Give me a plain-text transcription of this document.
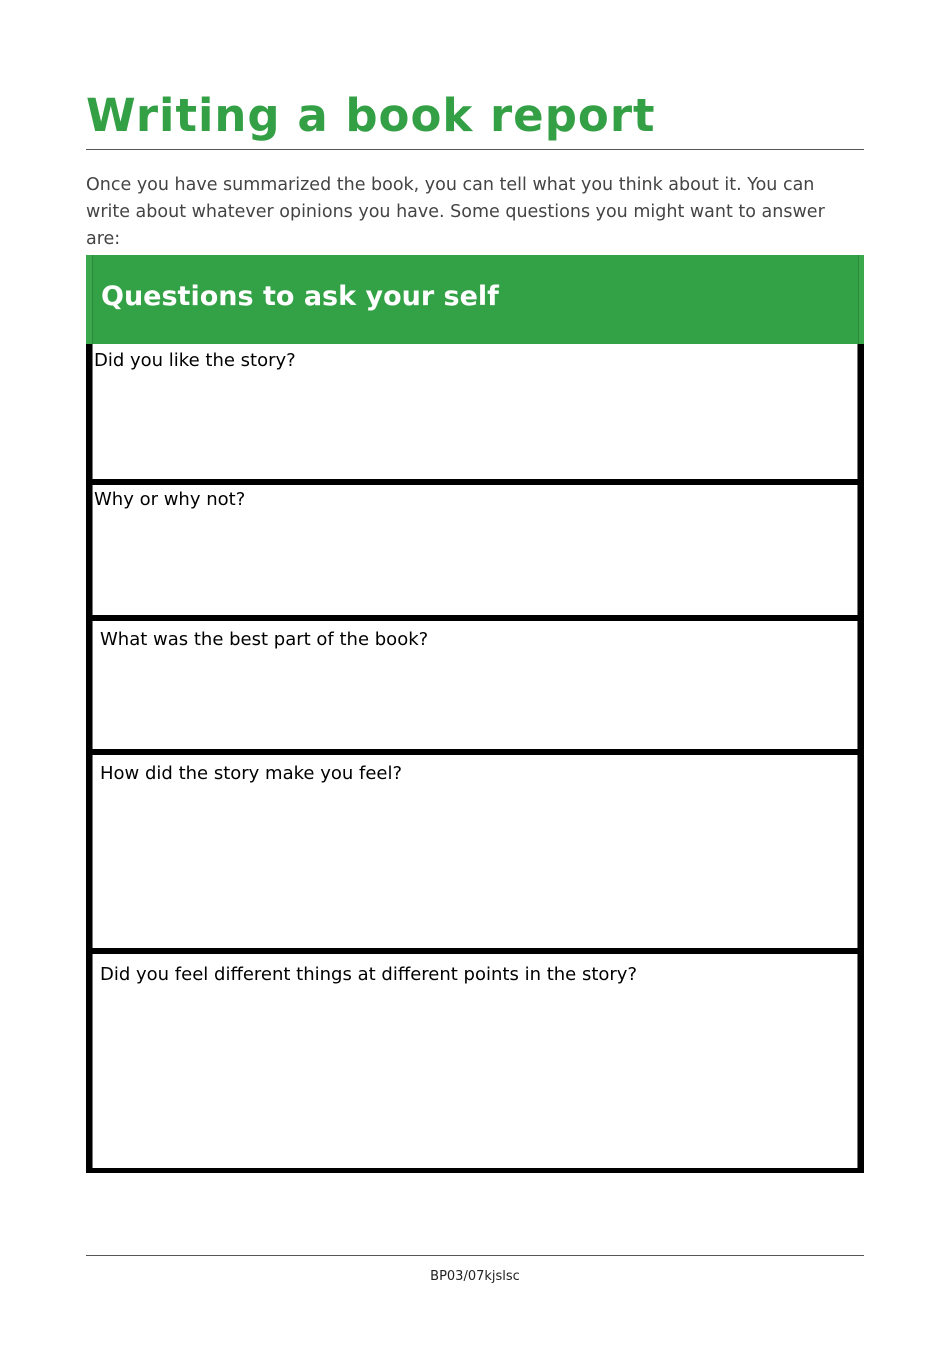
Writing a book report

Once you have summarized the book, you can tell what you think about it. You can write about whatever opinions you have. Some questions you might want to answer are:

Questions to ask your self

Did you like the story?

Why or why not?

What was the best part of the book?

How did the story make you feel?

Did you feel different things at different points in the story?

BP03/07kjslsc
